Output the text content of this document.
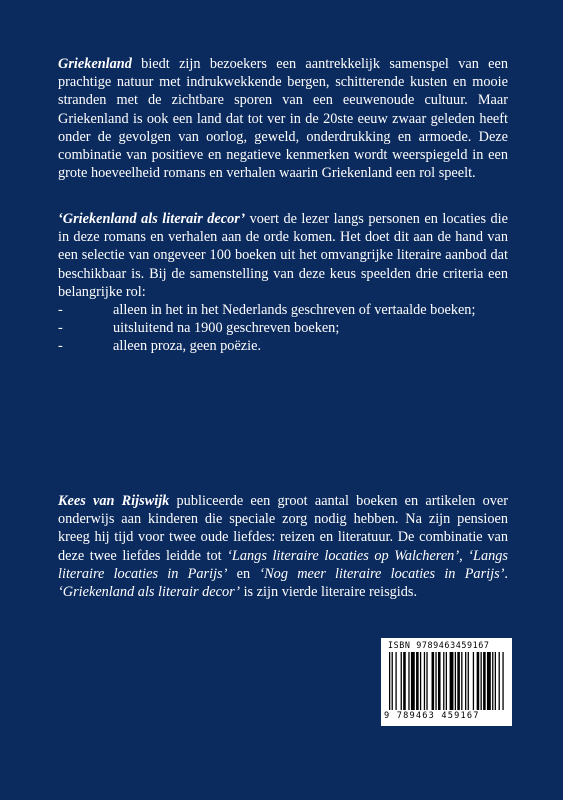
Griekenland biedt zijn bezoekers een aantrekkelijk samenspel van een prachtige natuur met indrukwekkende bergen, schitterende kusten en mooie stranden met de zichtbare sporen van een eeuwenoude cultuur. Maar Griekenland is ook een land dat tot ver in de 20ste eeuw zwaar geleden heeft onder de gevolgen van oorlog, geweld, onderdrukking en armoede. Deze combinatie van positieve en negatieve kenmerken wordt weerspiegeld in een grote hoeveelheid romans en verhalen waarin Griekenland een rol speelt.

‘Griekenland als literair decor’ voert de lezer langs personen en locaties die in deze romans en verhalen aan de orde komen. Het doet dit aan de hand van een selectie van ongeveer 100 boeken uit het omvangrijke literaire aanbod dat beschikbaar is. Bij de samenstelling van deze keus speelden drie criteria een belangrijke rol:

-	alleen in het in het Nederlands geschreven of vertaalde boeken;
-	uitsluitend na 1900 geschreven boeken;
-	alleen proza, geen poëzie.

Kees van Rijswijk publiceerde een groot aantal boeken en artikelen over onderwijs aan kinderen die speciale zorg nodig hebben. Na zijn pensioen kreeg hij tijd voor twee oude liefdes: reizen en literatuur. De combinatie van deze twee liefdes leidde tot ‘Langs literaire locaties op Walcheren’, ‘Langs literaire locaties in Parijs’ en ‘Nog meer literaire locaties in Parijs’. ‘Griekenland als literair decor’ is zijn vierde literaire reisgids.

ISBN 9789463459167
9 789463 459167
